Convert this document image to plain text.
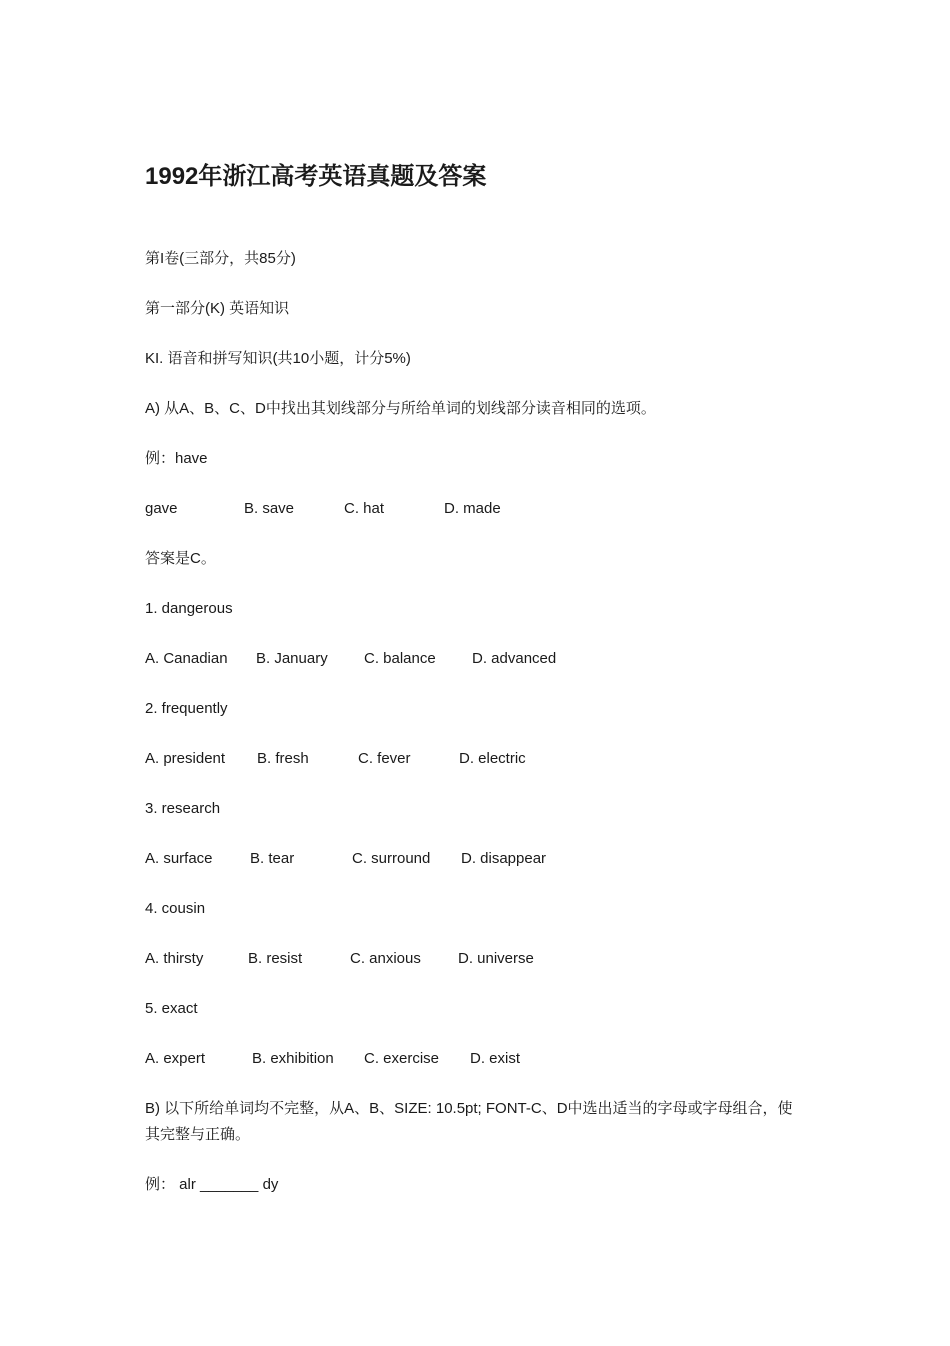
1992年浙江高考英语真题及答案
第I卷(三部分，共85分)
第一部分(K) 英语知识
KI. 语音和拼写知识(共10小题，计分5%)
A) 从A、B、C、D中找出其划线部分与所给单词的划线部分读音相同的选项。
例：have
gave	B. save	C. hat	D. made
答案是C。
1. dangerous
A. Canadian B. January C. balance D. advanced
2. frequently
A. president B. fresh	C. fever	D. electric
3. research
A. surface B. tear	C. surround D. disappear
4. cousin
A. thirsty	B. resist	C. anxious D. universe
5. exact
A. expert	B. exhibition C. exercise D. exist
B) 以下所给单词均不完整，从A、B、SIZE: 10.5pt; FONT-C、D中选出适当的字母或字母组合，使其完整与正确。
例： alr _______ dy
